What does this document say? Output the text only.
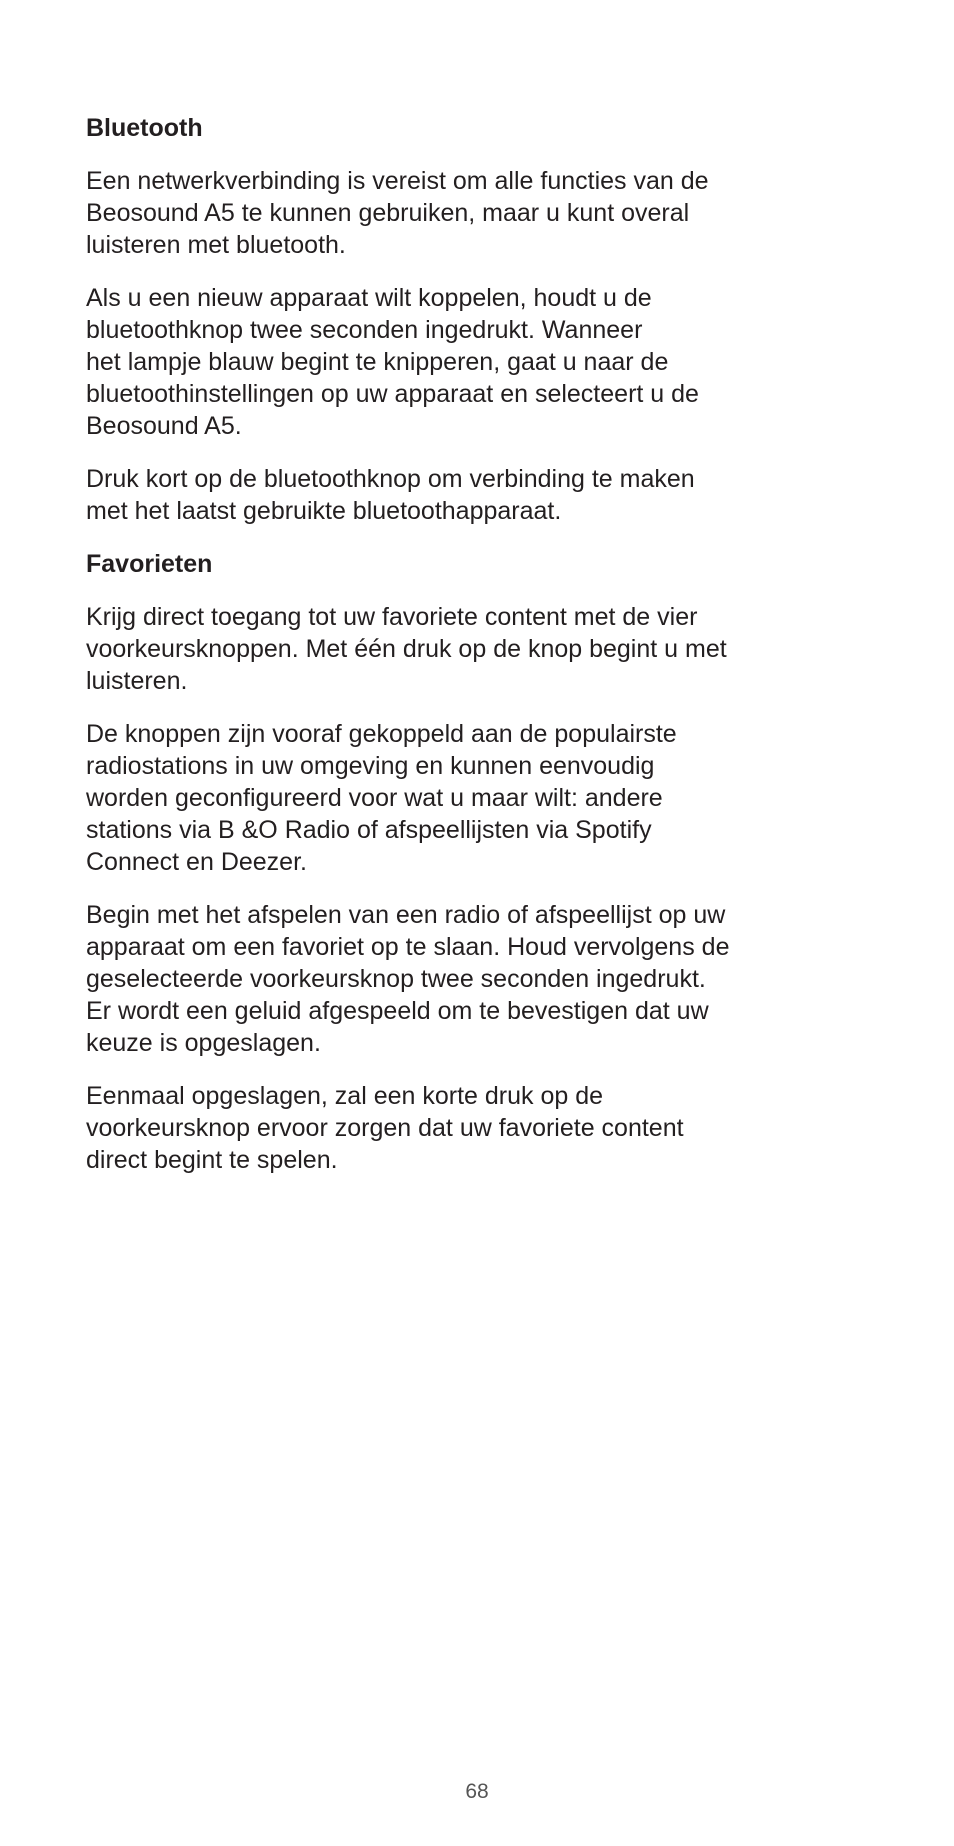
Bluetooth

Een netwerkverbinding is vereist om alle functies van de
Beosound A5 te kunnen gebruiken, maar u kunt overal
luisteren met bluetooth.

Als u een nieuw apparaat wilt koppelen, houdt u de
bluetoothknop twee seconden ingedrukt. Wanneer
het lampje blauw begint te knipperen, gaat u naar de
bluetoothinstellingen op uw apparaat en selecteert u de
Beosound A5.

Druk kort op de bluetoothknop om verbinding te maken
met het laatst gebruikte bluetoothapparaat.

Favorieten

Krijg direct toegang tot uw favoriete content met de vier
voorkeursknoppen. Met één druk op de knop begint u met
luisteren.

De knoppen zijn vooraf gekoppeld aan de populairste
radiostations in uw omgeving en kunnen eenvoudig
worden geconfigureerd voor wat u maar wilt: andere
stations via B &O Radio of afspeellijsten via Spotify
Connect en Deezer.

Begin met het afspelen van een radio of afspeellijst op uw
apparaat om een favoriet op te slaan. Houd vervolgens de
geselecteerde voorkeursknop twee seconden ingedrukt.
Er wordt een geluid afgespeeld om te bevestigen dat uw
keuze is opgeslagen.

Eenmaal opgeslagen, zal een korte druk op de
voorkeursknop ervoor zorgen dat uw favoriete content
direct begint te spelen.

68
